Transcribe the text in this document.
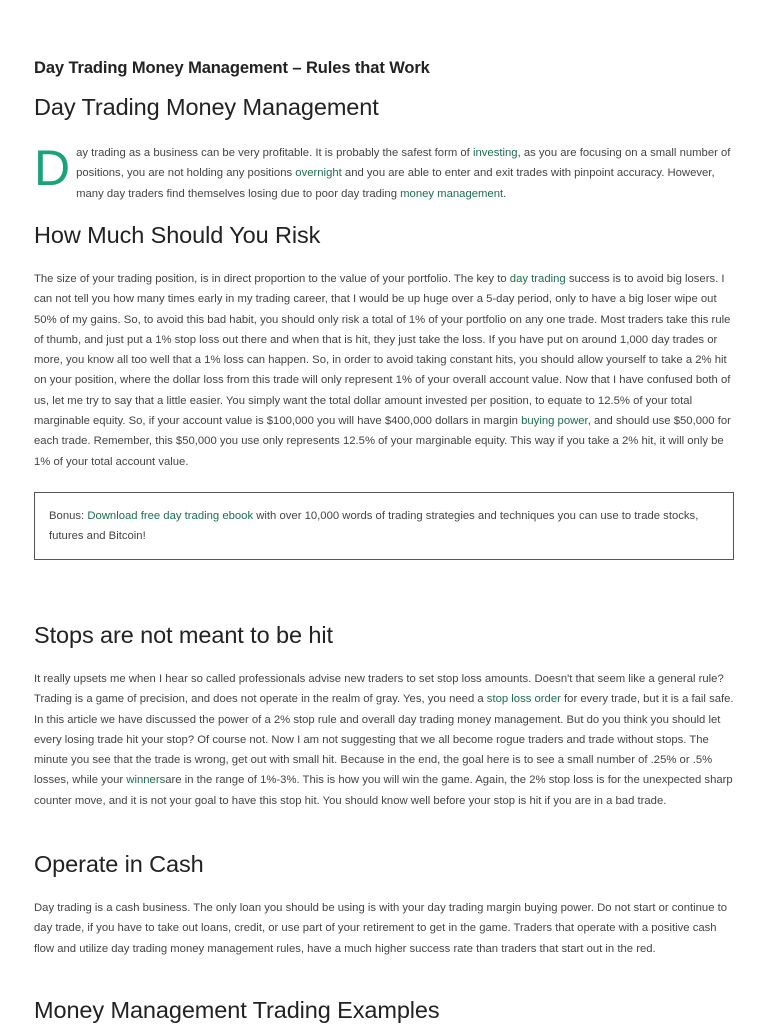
Day Trading Money Management – Rules that Work
Day Trading Money Management

Day trading as a business can be very profitable. It is probably the safest form of investing, as you are focusing on a small number of positions, you are not holding any positions overnight and you are able to enter and exit trades with pinpoint accuracy. However, many day traders find themselves losing due to poor day trading money management.

How Much Should You Risk

The size of your trading position, is in direct proportion to the value of your portfolio. The key to day trading success is to avoid big losers. I can not tell you how many times early in my trading career, that I would be up huge over a 5-day period, only to have a big loser wipe out 50% of my gains. So, to avoid this bad habit, you should only risk a total of 1% of your portfolio on any one trade. Most traders take this rule of thumb, and just put a 1% stop loss out there and when that is hit, they just take the loss. If you have put on around 1,000 day trades or more, you know all too well that a 1% loss can happen. So, in order to avoid taking constant hits, you should allow yourself to take a 2% hit on your position, where the dollar loss from this trade will only represent 1% of your overall account value. Now that I have confused both of us, let me try to say that a little easier. You simply want the total dollar amount invested per position, to equate to 12.5% of your total marginable equity. So, if your account value is $100,000 you will have $400,000 dollars in margin buying power, and should use $50,000 for each trade. Remember, this $50,000 you use only represents 12.5% of your marginable equity. This way if you take a 2% hit, it will only be 1% of your total account value.

Bonus: Download free day trading ebook with over 10,000 words of trading strategies and techniques you can use to trade stocks, futures and Bitcoin!

Stops are not meant to be hit

It really upsets me when I hear so called professionals advise new traders to set stop loss amounts. Doesn't that seem like a general rule? Trading is a game of precision, and does not operate in the realm of gray. Yes, you need a stop loss order for every trade, but it is a fail safe. In this article we have discussed the power of a 2% stop rule and overall day trading money management. But do you think you should let every losing trade hit your stop? Of course not. Now I am not suggesting that we all become rogue traders and trade without stops. The minute you see that the trade is wrong, get out with small hit. Because in the end, the goal here is to see a small number of .25% or .5% losses, while your winnersare in the range of 1%-3%. This is how you will win the game. Again, the 2% stop loss is for the unexpected sharp counter move, and it is not your goal to have this stop hit. You should know well before your stop is hit if you are in a bad trade.

Operate in Cash

Day trading is a cash business. The only loan you should be using is with your day trading margin buying power. Do not start or continue to day trade, if you have to take out loans, credit, or use part of your retirement to get in the game. Traders that operate with a positive cash flow and utilize day trading money management rules, have a much higher success rate than traders that start out in the red.

Money Management Trading Examples
